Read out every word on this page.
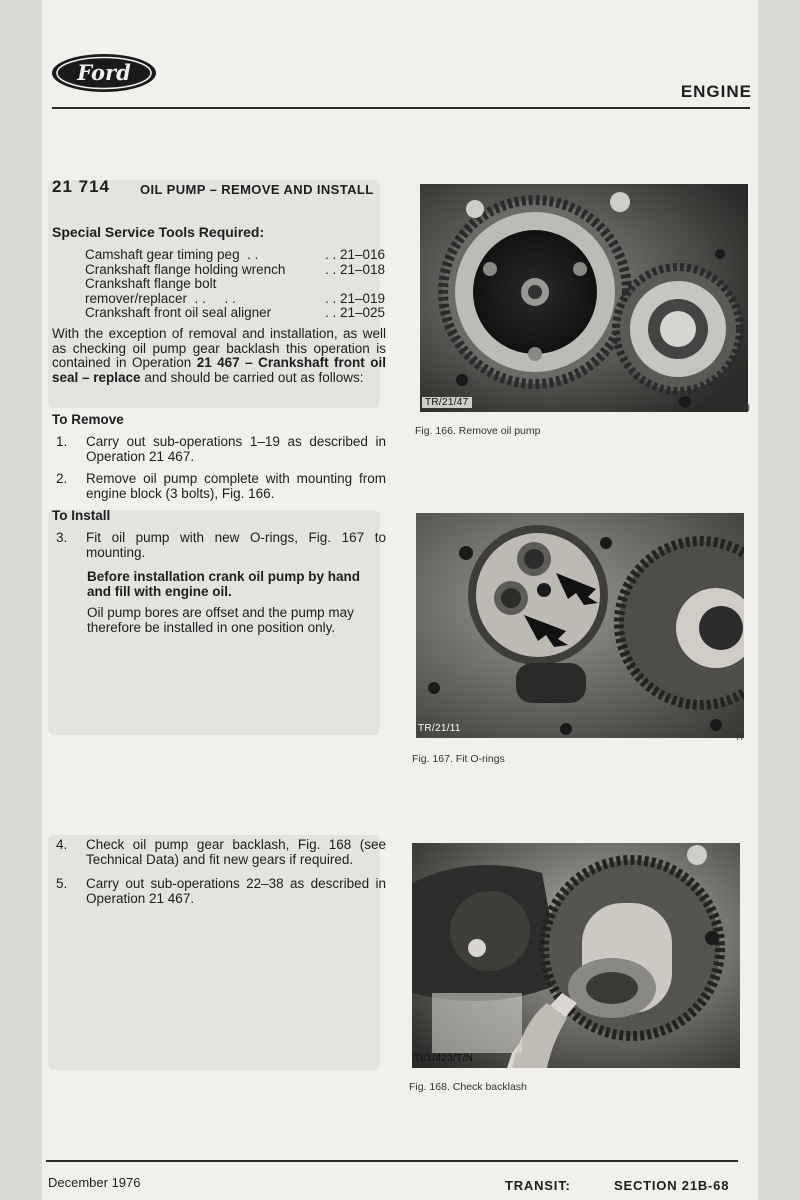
Ford
ENGINE
21 714 OIL PUMP – REMOVE AND INSTALL
Special Service Tools Required:
Camshaft gear timing peg  . .	. . 21–016
Crankshaft flange holding wrench	. . 21–018
Crankshaft flange bolt
remover/replacer  . .     . .	. . 21–019
Crankshaft front oil seal aligner	. . 21–025
With the exception of removal and installation, as well as checking oil pump gear backlash this operation is contained in Operation 21 467 – Crankshaft front oil seal – replace and should be carried out as follows:
To Remove
1.	Carry out sub-operations 1–19 as described in Operation 21 467.
2.	Remove oil pump complete with mounting from engine block (3 bolts), Fig. 166.
To Install
3.	Fit oil pump with new O-rings, Fig. 167 to mounting.
Before installation crank oil pump by hand and fill with engine oil.
Oil pump bores are offset and the pump may therefore be installed in one position only.
4.	Check oil pump gear backlash, Fig. 168 (see Technical Data) and fit new gears if required.
5.	Carry out sub-operations 22–38 as described in Operation 21 467.
TR/21/47	TI
Fig. 166. Remove oil pump
TR/21/11
TI
Fig. 167. Fit O-rings
TI/1/423/T/N
Fig. 168. Check backlash
December 1976	TRANSIT:	SECTION 21B-68
